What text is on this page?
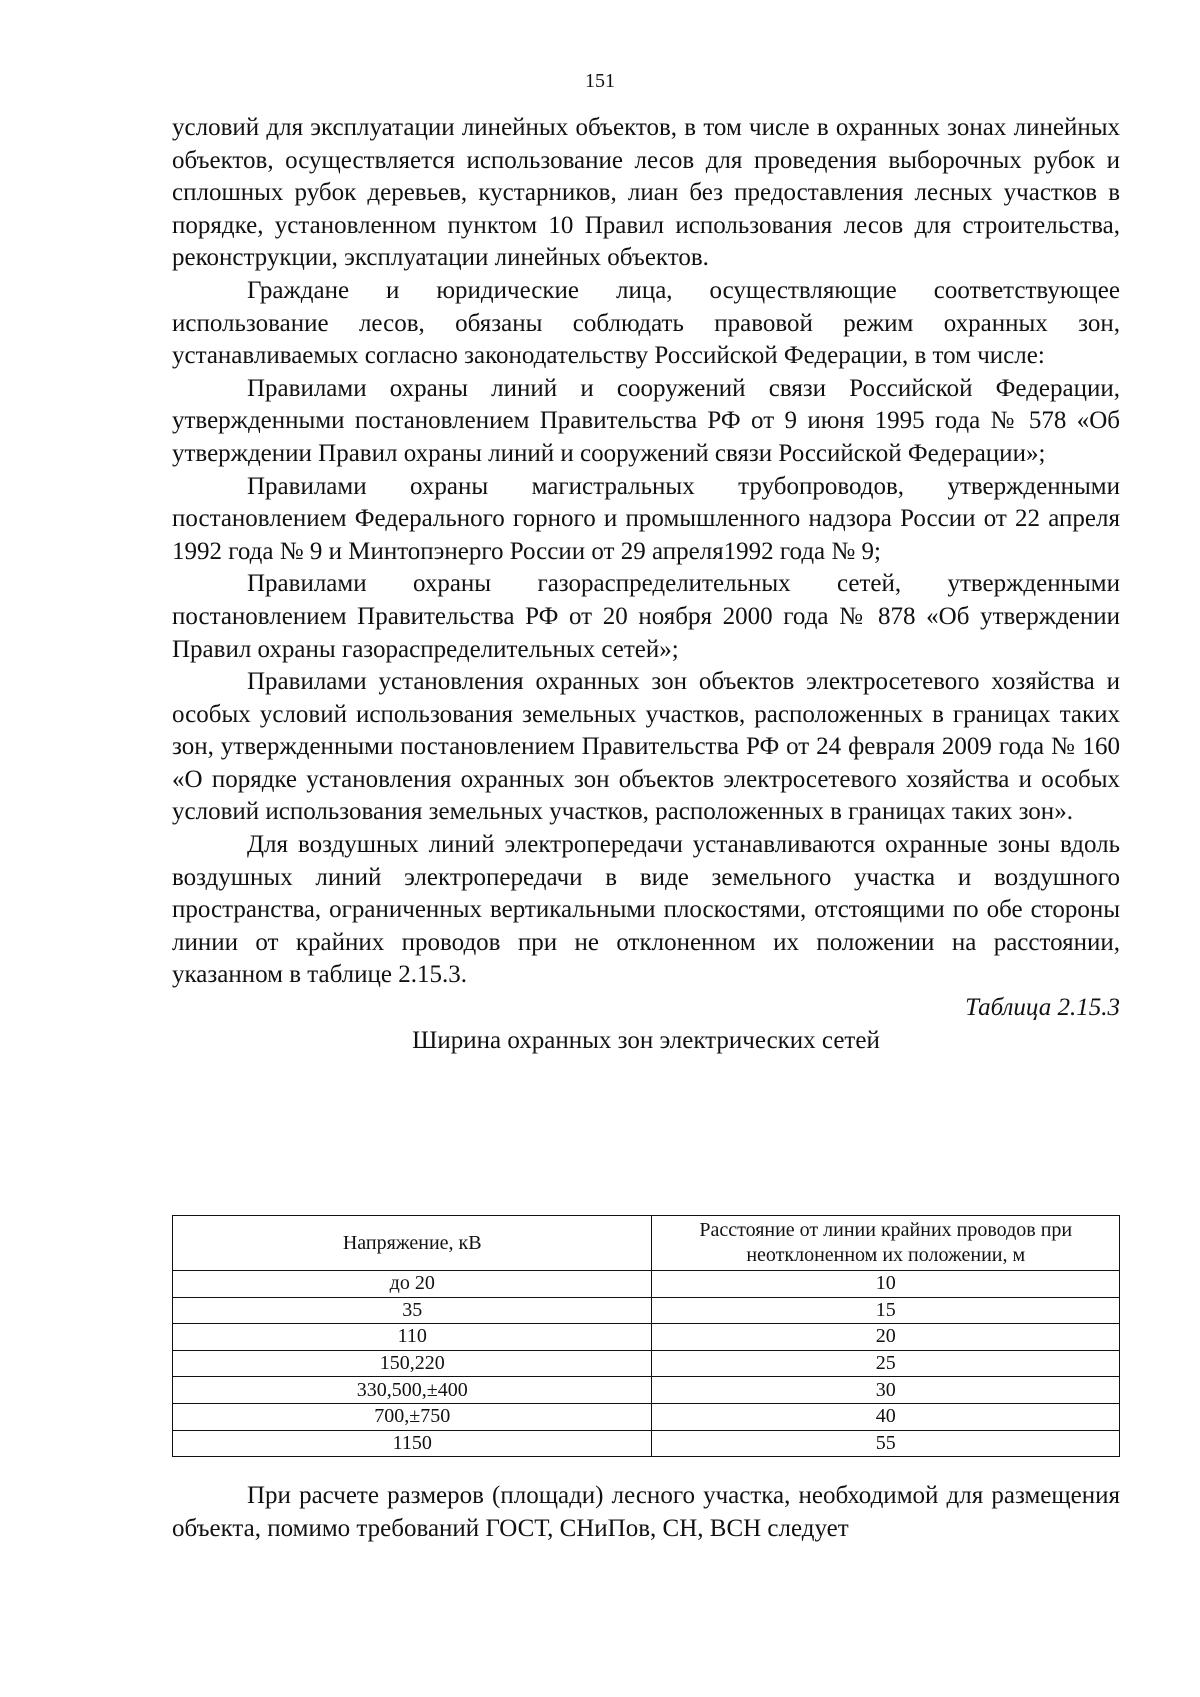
151

условий для эксплуатации линейных объектов, в том числе в охранных зонах линейных объектов, осуществляется использование лесов для проведения выборочных рубок и сплошных рубок деревьев, кустарников, лиан без предоставления лесных участков в порядке, установленном пунктом 10 Правил использования лесов для строительства, реконструкции, эксплуатации линейных объектов.

Граждане и юридические лица, осуществляющие соответствующее использование лесов, обязаны соблюдать правовой режим охранных зон, устанавливаемых согласно законодательству Российской Федерации, в том числе:

Правилами охраны линий и сооружений связи Российской Федерации, утвержденными постановлением Правительства РФ от 9 июня 1995 года № 578 «Об утверждении Правил охраны линий и сооружений связи Российской Федерации»;

Правилами охраны магистральных трубопроводов, утвержденными постановлением Федерального горного и промышленного надзора России от 22 апреля 1992 года № 9 и Минтопэнерго России от 29 апреля1992 года № 9;

Правилами охраны газораспределительных сетей, утвержденными постановлением Правительства РФ от 20 ноября 2000 года № 878 «Об утверждении Правил охраны газораспределительных сетей»;

Правилами установления охранных зон объектов электросетевого хозяйства и особых условий использования земельных участков, расположенных в границах таких зон, утвержденными постановлением Правительства РФ от 24 февраля 2009 года № 160 «О порядке установления охранных зон объектов электросетевого хозяйства и особых условий использования земельных участков, расположенных в границах таких зон».

Для воздушных линий электропередачи устанавливаются охранные зоны вдоль воздушных линий электропередачи в виде земельного участка и воздушного пространства, ограниченных вертикальными плоскостями, отстоящими по обе стороны линии от крайних проводов при не отклоненном их положении на расстоянии, указанном в таблице 2.15.3.

Таблица 2.15.3

Ширина охранных зон электрических сетей

Напряжение, кВ	Расстояние от линии крайних проводов при неотклоненном их положении, м
до 20	10
35	15
110	20
150,220	25
330,500,±400	30
700,±750	40
1150	55

При расчете размеров (площади) лесного участка, необходимой для размещения объекта, помимо требований ГОСТ, СНиПов, СН, ВСН следует
